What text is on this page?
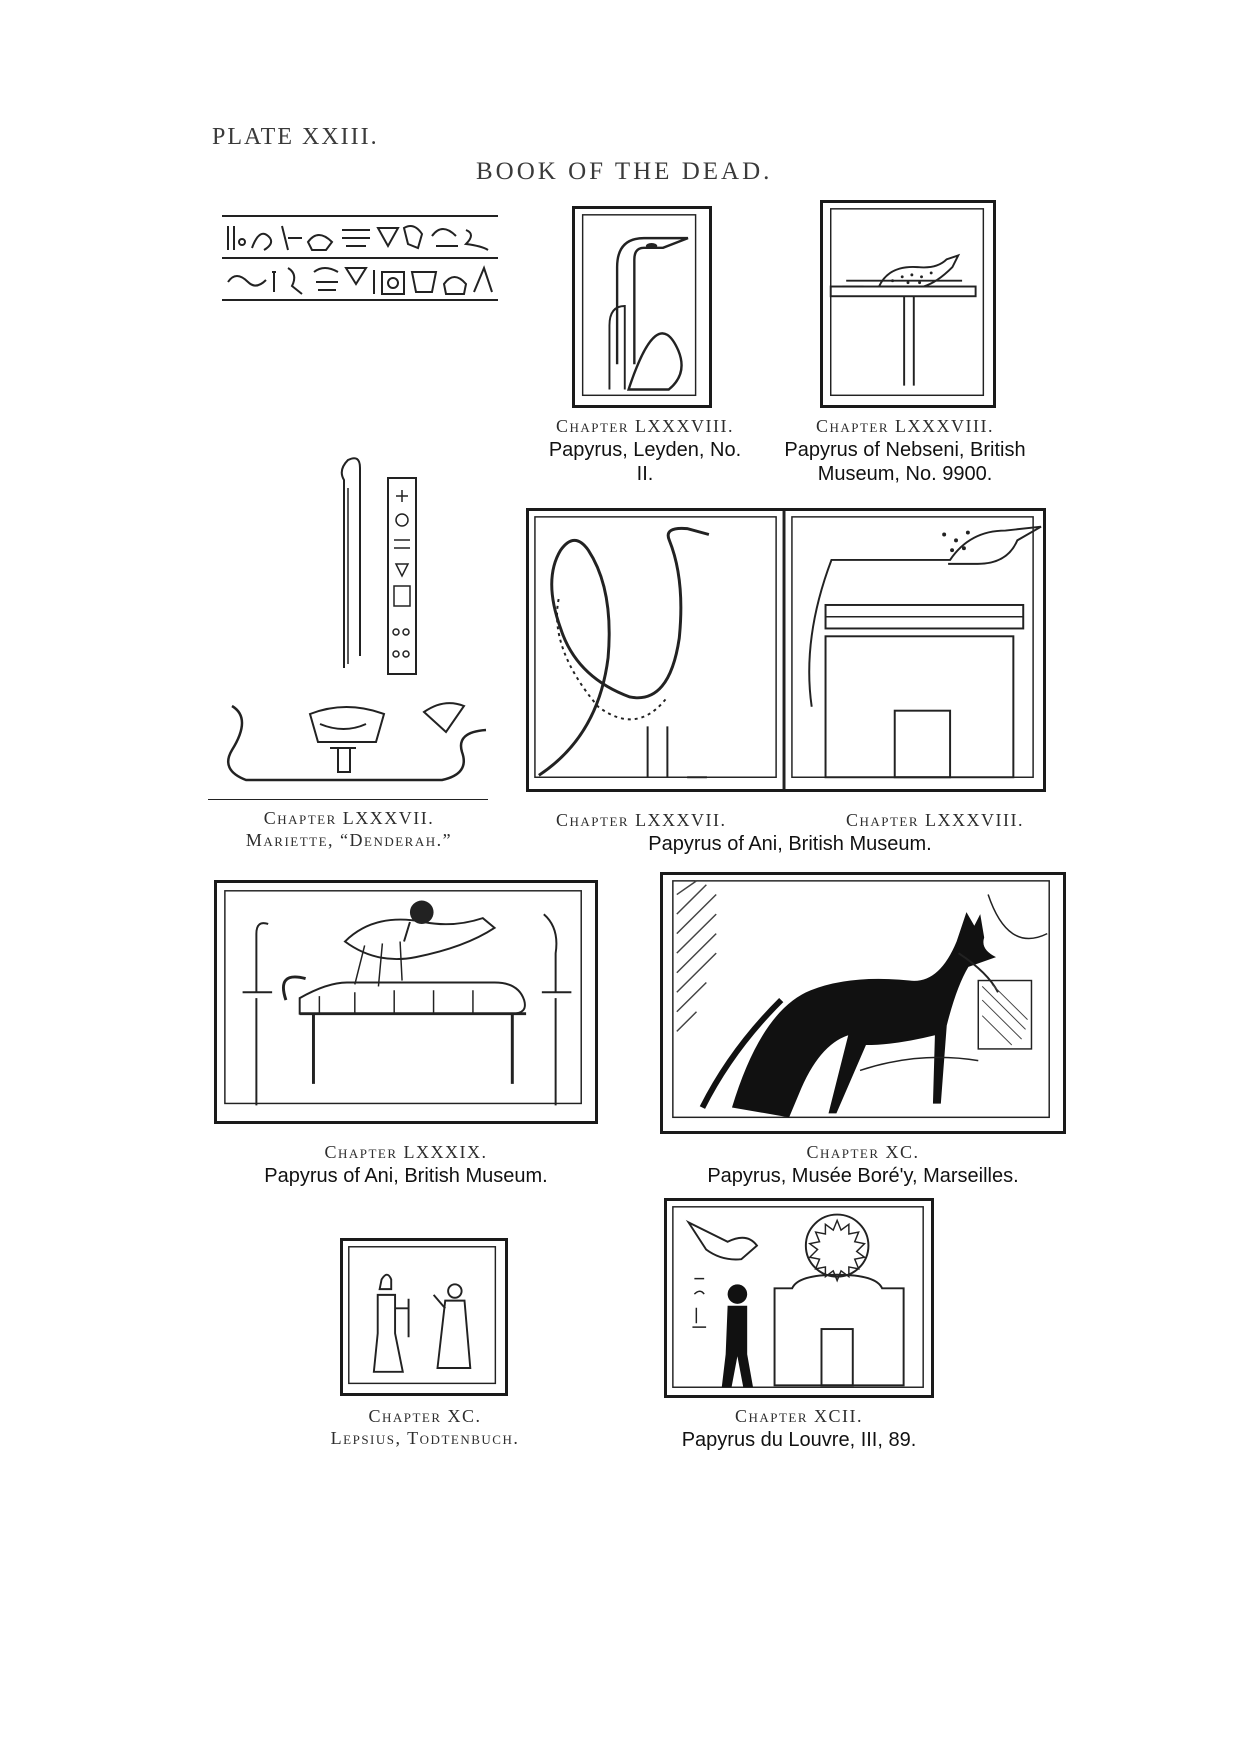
PLATE XXIII.
BOOK OF THE DEAD.
Chapter LXXXVIII.
Papyrus, Leyden, No. II.
Chapter LXXXVIII.
Papyrus of Nebseni, British Museum, No. 9900.
Chapter LXXXVII.
Mariette, “Denderah.”
Chapter LXXXVII.	Chapter LXXXVIII.
Papyrus of Ani, British Museum.
Chapter LXXXIX.
Papyrus of Ani, British Museum.
Chapter XC.
Papyrus, Musée Boré'y, Marseilles.
Chapter XC.
Lepsius, Todtenbuch.
Chapter XCII.
Papyrus du Louvre, III, 89.
